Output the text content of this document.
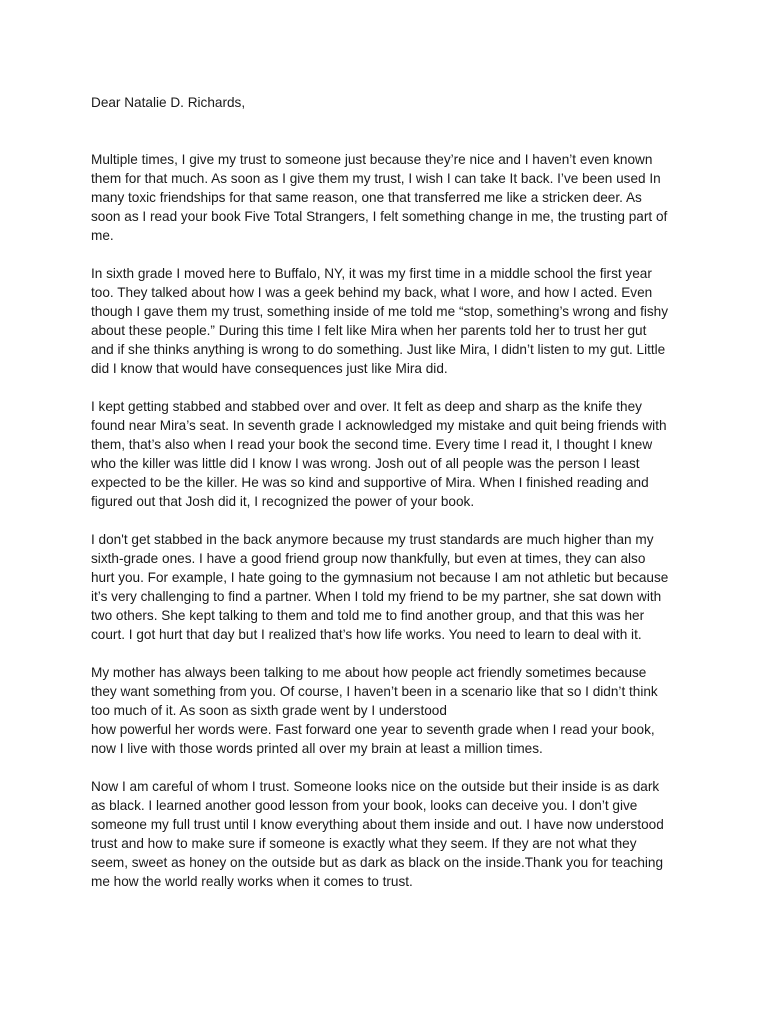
Dear Natalie D. Richards,

Multiple times, I give my trust to someone just because they’re nice and I haven’t even known
them for that much. As soon as I give them my trust, I wish I can take It back. I’ve been used In
many toxic friendships for that same reason, one that transferred me like a stricken deer. As
soon as I read your book Five Total Strangers, I felt something change in me, the trusting part of
me.

In sixth grade I moved here to Buffalo, NY, it was my first time in a middle school the first year
too. They talked about how I was a geek behind my back, what I wore, and how I acted. Even
though I gave them my trust, something inside of me told me “stop, something’s wrong and fishy
about these people.” During this time I felt like Mira when her parents told her to trust her gut
and if she thinks anything is wrong to do something. Just like Mira, I didn’t listen to my gut. Little
did I know that would have consequences just like Mira did.

I kept getting stabbed and stabbed over and over. It felt as deep and sharp as the knife they
found near Mira’s seat. In seventh grade I acknowledged my mistake and quit being friends with
them, that’s also when I read your book the second time. Every time I read it, I thought I knew
who the killer was little did I know I was wrong. Josh out of all people was the person I least
expected to be the killer. He was so kind and supportive of Mira. When I finished reading and
figured out that Josh did it, I recognized the power of your book.

I don't get stabbed in the back anymore because my trust standards are much higher than my
sixth-grade ones. I have a good friend group now thankfully, but even at times, they can also
hurt you. For example, I hate going to the gymnasium not because I am not athletic but because
it’s very challenging to find a partner. When I told my friend to be my partner, she sat down with
two others. She kept talking to them and told me to find another group, and that this was her
court. I got hurt that day but I realized that’s how life works. You need to learn to deal with it.

My mother has always been talking to me about how people act friendly sometimes because
they want something from you. Of course, I haven’t been in a scenario like that so I didn’t think
too much of it. As soon as sixth grade went by I understood
how powerful her words were. Fast forward one year to seventh grade when I read your book,
now I live with those words printed all over my brain at least a million times.

Now I am careful of whom I trust. Someone looks nice on the outside but their inside is as dark
as black. I learned another good lesson from your book, looks can deceive you. I don’t give
someone my full trust until I know everything about them inside and out. I have now understood
trust and how to make sure if someone is exactly what they seem. If they are not what they
seem, sweet as honey on the outside but as dark as black on the inside.Thank you for teaching
me how the world really works when it comes to trust.
